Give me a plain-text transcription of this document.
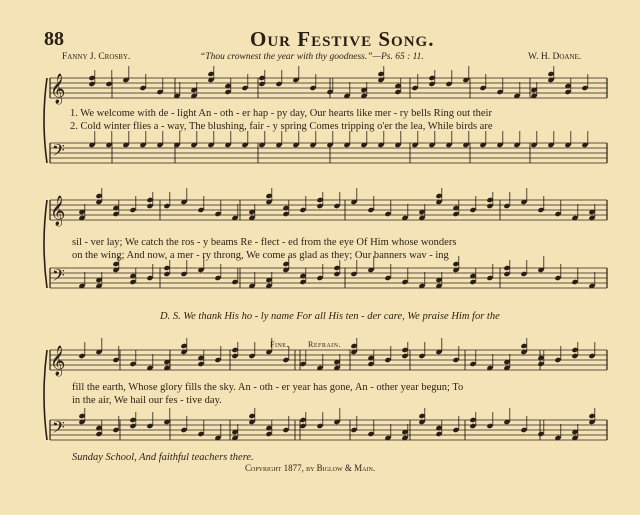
88	Our Festive Song.
Fanny J. Crosby.	“Thou crownest the year with thy goodness.”—Ps. 65 : 11.	W. H. Doane.
𝄞
𝄢
𝄞
𝄢
𝄞
𝄢
1. We welcome with de - light An - oth - er hap - py day, Our hearts like mer - ry bells Ring out their
2. Cold winter flies a - way, The blushing, fair - y spring Comes tripping o'er the lea, While birds are
sil - ver lay; We catch the ros - y beams Re - flect - ed from the eye Of Him whose wonders
on the wing; And now, a mer - ry throng, We come as glad as they; Our banners wav - ing
D. S. We thank His ho - ly name For all His ten - der care, We praise Him for the
Fine. Refrain.
fill the earth, Whose glory fills the sky. An - oth - er year has gone, An - other year begun; To
in the air, We hail our fes - tive day.
Sunday School, And faithful teachers there.
Copyright 1877, by Biglow & Main.
